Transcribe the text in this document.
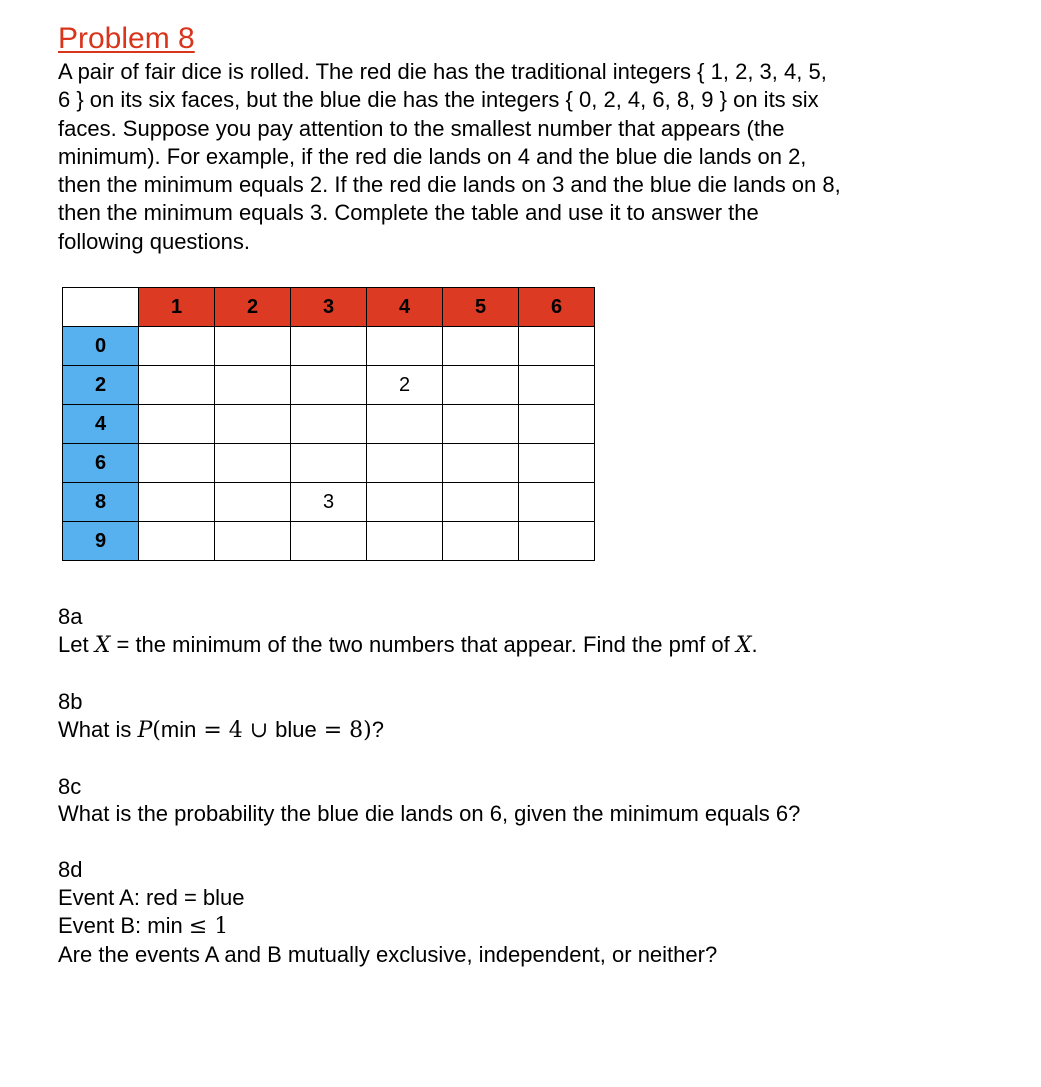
Problem 8
A pair of fair dice is rolled. The red die has the traditional integers { 1, 2, 3, 4, 5,
6 } on its six faces, but the blue die has the integers { 0, 2, 4, 6, 8, 9 } on its six
faces. Suppose you pay attention to the smallest number that appears (the
minimum). For example, if the red die lands on 4 and the blue die lands on 2,
then the minimum equals 2. If the red die lands on 3 and the blue die lands on 8,
then the minimum equals 3. Complete the table and use it to answer the
following questions.
	1	2	3	4	5	6
0						
2				2		
4						
6						
8			3			
9						
8a
Let X = the minimum of the two numbers that appear. Find the pmf of X.
8b
What is P(min = 4 ∪ blue = 8)?
8c
What is the probability the blue die lands on 6, given the minimum equals 6?
8d
Event A: red = blue
Event B: min ≤ 1
Are the events A and B mutually exclusive, independent, or neither?
